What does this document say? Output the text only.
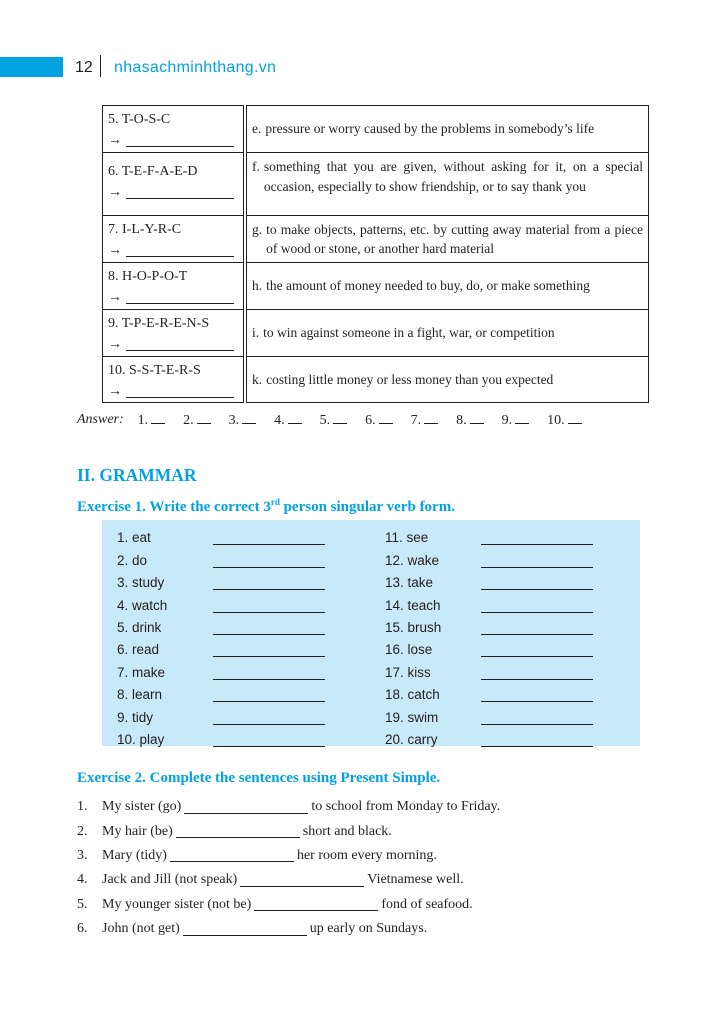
12 nhasachminhthang.vn
5. T-O-S-C
→
e. pressure or worry caused by the problems in somebody’s life
6. T-E-F-A-E-D
→
f. something that you are given, without asking for it, on a special occasion, especially to show friendship, or to say thank you
7. I-L-Y-R-C
→
g. to make objects, patterns, etc. by cutting away material from a piece of wood or stone, or another hard material
8. H-O-P-O-T
→
h. the amount of money needed to buy, do, or make something
9. T-P-E-R-E-N-S
→
i. to win against someone in a fight, war, or competition
10. S-S-T-E-R-S
→
k. costing little money or less money than you expected
Answer: 1.	2.	3.	4.	5.	6.	7.	8.	9.	10.
II. GRAMMAR
Exercise 1. Write the correct 3rd person singular verb form.
1. eat
2. do
3. study
4. watch
5. drink
6. read
7. make
8. learn
9. tidy
10. play
11. see
12. wake
13. take
14. teach
15. brush
16. lose
17. kiss
18. catch
19. swim
20. carry
Exercise 2. Complete the sentences using Present Simple.
1.	My sister (go)	to school from Monday to Friday.
2.	My hair (be)	short and black.
3.	Mary (tidy)	her room every morning.
4.	Jack and Jill (not speak)	Vietnamese well.
5.	My younger sister (not be)	fond of seafood.
6.	John (not get)	up early on Sundays.
